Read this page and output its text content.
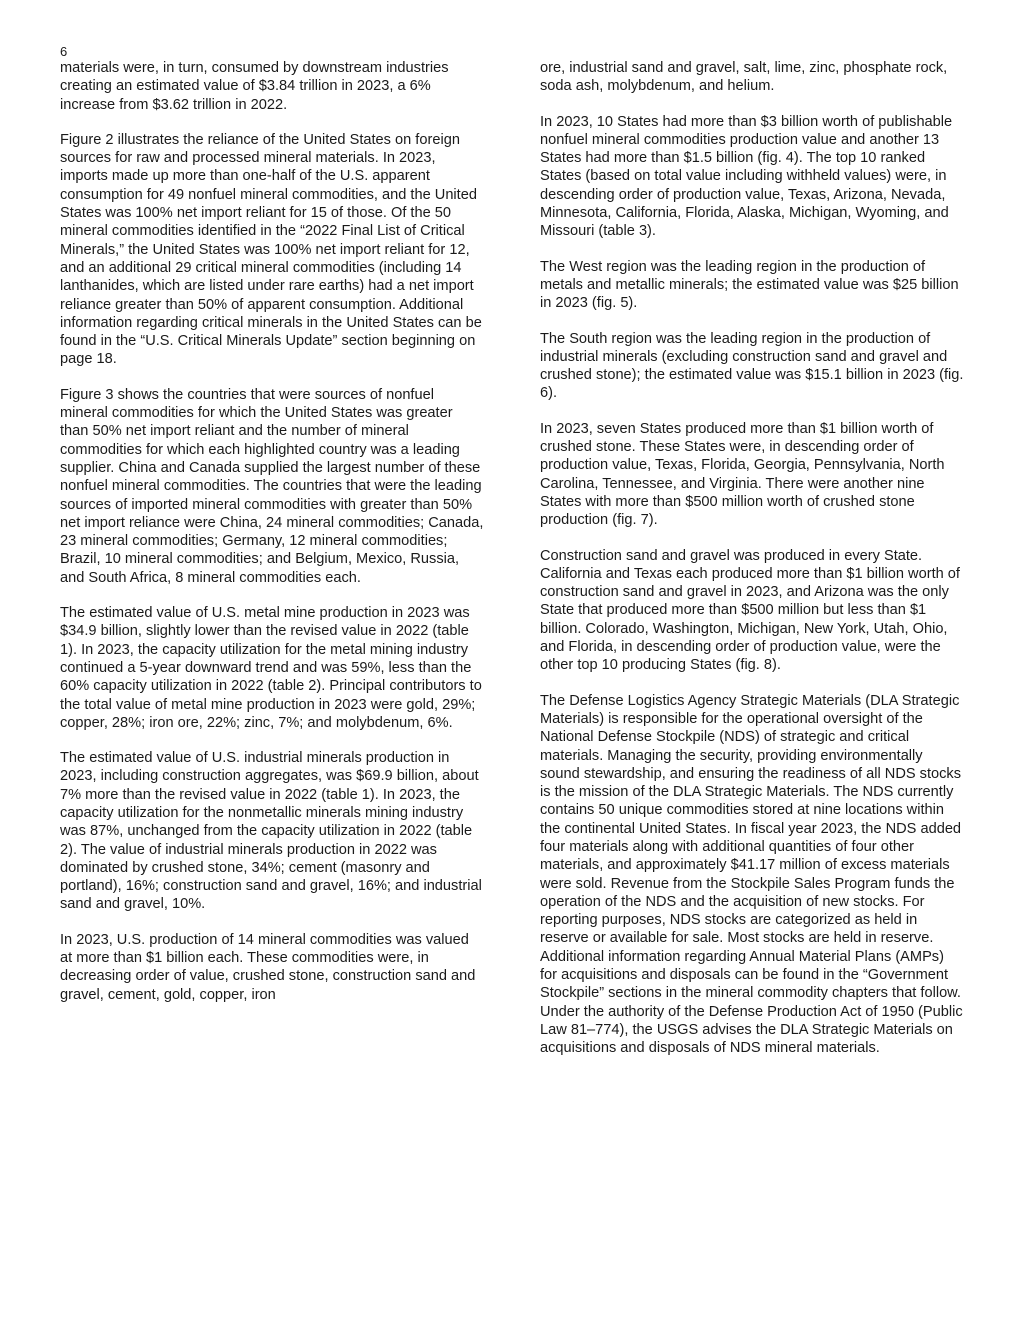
6

materials were, in turn, consumed by downstream industries creating an estimated value of $3.84 trillion in 2023, a 6% increase from $3.62 trillion in 2022.

Figure 2 illustrates the reliance of the United States on foreign sources for raw and processed mineral materials. In 2023, imports made up more than one-half of the U.S. apparent consumption for 49 nonfuel mineral commodities, and the United States was 100% net import reliant for 15 of those. Of the 50 mineral commodities identified in the “2022 Final List of Critical Minerals,” the United States was 100% net import reliant for 12, and an additional 29 critical mineral commodities (including 14 lanthanides, which are listed under rare earths) had a net import reliance greater than 50% of apparent consumption. Additional information regarding critical minerals in the United States can be found in the “U.S. Critical Minerals Update” section beginning on page 18.

Figure 3 shows the countries that were sources of nonfuel mineral commodities for which the United States was greater than 50% net import reliant and the number of mineral commodities for which each highlighted country was a leading supplier. China and Canada supplied the largest number of these nonfuel mineral commodities. The countries that were the leading sources of imported mineral commodities with greater than 50% net import reliance were China, 24 mineral commodities; Canada, 23 mineral commodities; Germany, 12 mineral commodities; Brazil, 10 mineral commodities; and Belgium, Mexico, Russia, and South Africa, 8 mineral commodities each.

The estimated value of U.S. metal mine production in 2023 was $34.9 billion, slightly lower than the revised value in 2022 (table 1). In 2023, the capacity utilization for the metal mining industry continued a 5-year downward trend and was 59%, less than the 60% capacity utilization in 2022 (table 2). Principal contributors to the total value of metal mine production in 2023 were gold, 29%; copper, 28%; iron ore, 22%; zinc, 7%; and molybdenum, 6%.

The estimated value of U.S. industrial minerals production in 2023, including construction aggregates, was $69.9 billion, about 7% more than the revised value in 2022 (table 1). In 2023, the capacity utilization for the nonmetallic minerals mining industry was 87%, unchanged from the capacity utilization in 2022 (table 2). The value of industrial minerals production in 2022 was dominated by crushed stone, 34%; cement (masonry and portland), 16%; construction sand and gravel, 16%; and industrial sand and gravel, 10%.

In 2023, U.S. production of 14 mineral commodities was valued at more than $1 billion each. These commodities were, in decreasing order of value, crushed stone, construction sand and gravel, cement, gold, copper, iron

ore, industrial sand and gravel, salt, lime, zinc, phosphate rock, soda ash, molybdenum, and helium.

In 2023, 10 States had more than $3 billion worth of publishable nonfuel mineral commodities production value and another 13 States had more than $1.5 billion (fig. 4). The top 10 ranked States (based on total value including withheld values) were, in descending order of production value, Texas, Arizona, Nevada, Minnesota, California, Florida, Alaska, Michigan, Wyoming, and Missouri (table 3).

The West region was the leading region in the production of metals and metallic minerals; the estimated value was $25 billion in 2023 (fig. 5).

The South region was the leading region in the production of industrial minerals (excluding construction sand and gravel and crushed stone); the estimated value was $15.1 billion in 2023 (fig. 6).

In 2023, seven States produced more than $1 billion worth of crushed stone. These States were, in descending order of production value, Texas, Florida, Georgia, Pennsylvania, North Carolina, Tennessee, and Virginia. There were another nine States with more than $500 million worth of crushed stone production (fig. 7).

Construction sand and gravel was produced in every State. California and Texas each produced more than $1 billion worth of construction sand and gravel in 2023, and Arizona was the only State that produced more than $500 million but less than $1 billion. Colorado, Washington, Michigan, New York, Utah, Ohio, and Florida, in descending order of production value, were the other top 10 producing States (fig. 8).

The Defense Logistics Agency Strategic Materials (DLA Strategic Materials) is responsible for the operational oversight of the National Defense Stockpile (NDS) of strategic and critical materials. Managing the security, providing environmentally sound stewardship, and ensuring the readiness of all NDS stocks is the mission of the DLA Strategic Materials. The NDS currently contains 50 unique commodities stored at nine locations within the continental United States. In fiscal year 2023, the NDS added four materials along with additional quantities of four other materials, and approximately $41.17 million of excess materials were sold. Revenue from the Stockpile Sales Program funds the operation of the NDS and the acquisition of new stocks. For reporting purposes, NDS stocks are categorized as held in reserve or available for sale. Most stocks are held in reserve. Additional information regarding Annual Material Plans (AMPs) for acquisitions and disposals can be found in the “Government Stockpile” sections in the mineral commodity chapters that follow. Under the authority of the Defense Production Act of 1950 (Public Law 81–774), the USGS advises the DLA Strategic Materials on acquisitions and disposals of NDS mineral materials.
